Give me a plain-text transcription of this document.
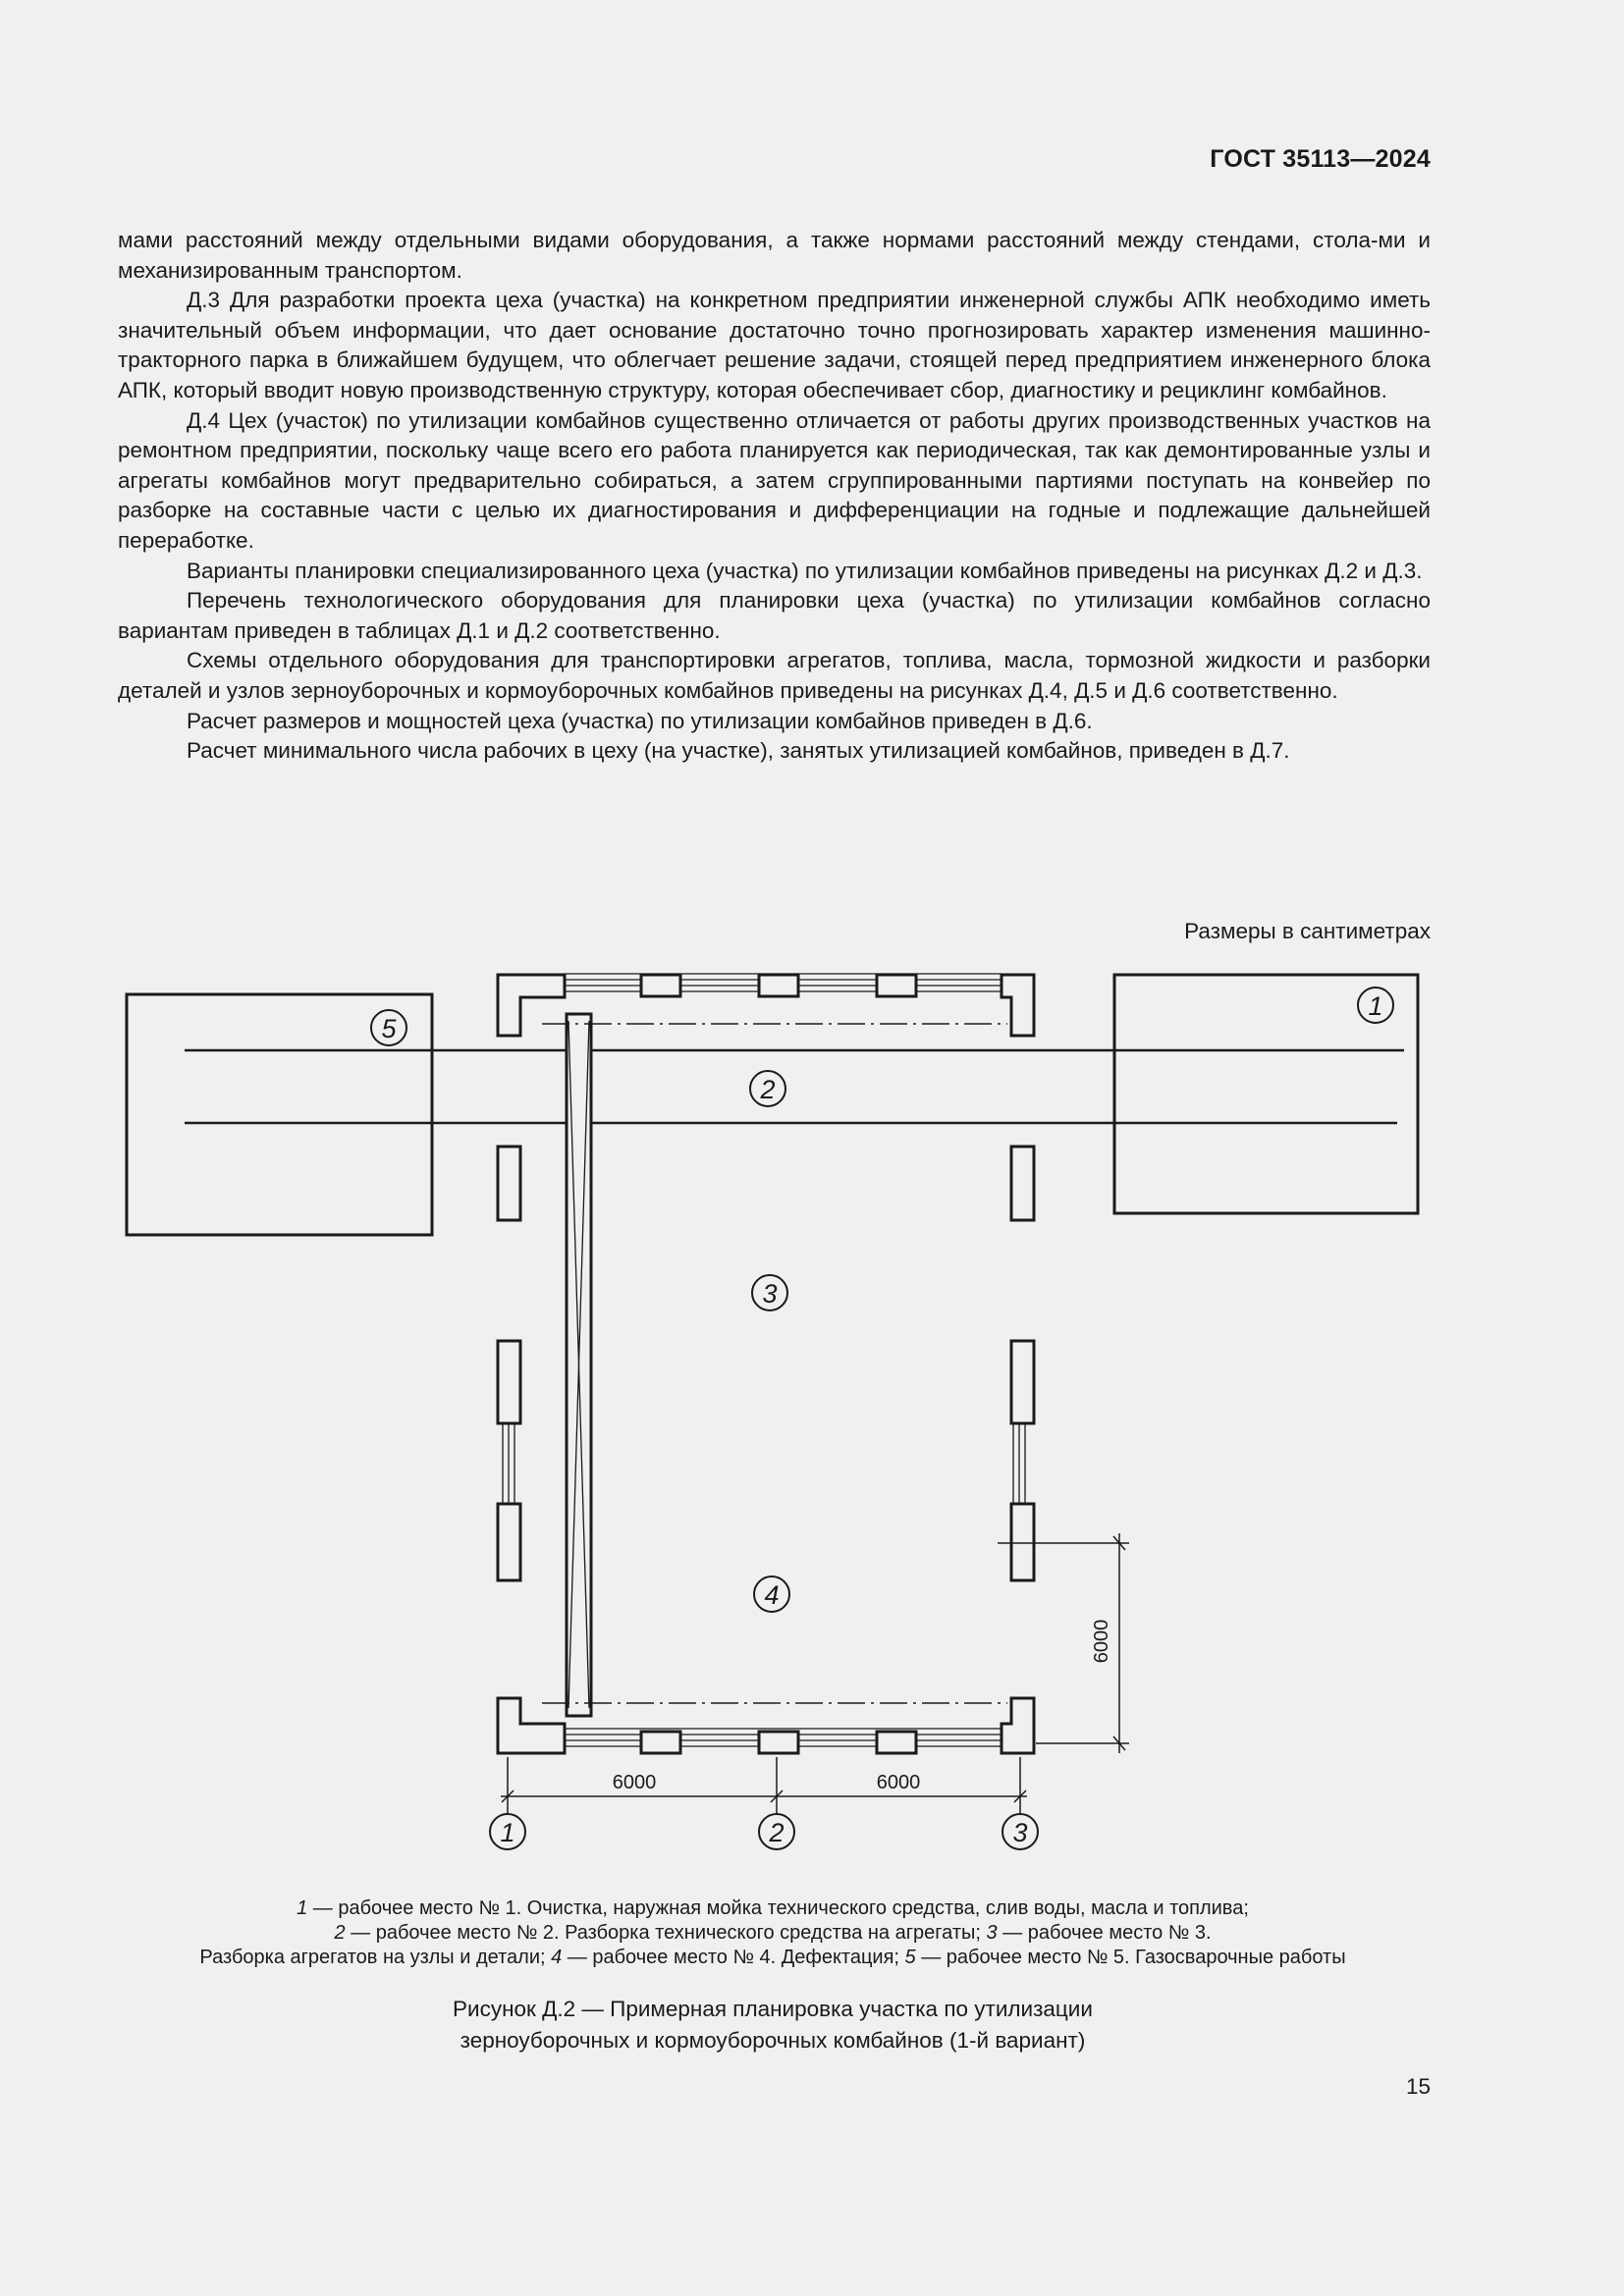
ГОСТ 35113—2024

мами расстояний между отдельными видами оборудования, а также нормами расстояний между стендами, стола-ми и механизированным транспортом.

Д.3 Для разработки проекта цеха (участка) на конкретном предприятии инженерной службы АПК необходимо иметь значительный объем информации, что дает основание достаточно точно прогнозировать характер изменения машинно-тракторного парка в ближайшем будущем, что облегчает решение задачи, стоящей перед предприятием инженерного блока АПК, который вводит новую производственную структуру, которая обеспечивает сбор, диагностику и рециклинг комбайнов.

Д.4 Цех (участок) по утилизации комбайнов существенно отличается от работы других производственных участков на ремонтном предприятии, поскольку чаще всего его работа планируется как периодическая, так как демонтированные узлы и агрегаты комбайнов могут предварительно собираться, а затем сгруппированными партиями поступать на конвейер по разборке на составные части с целью их диагностирования и дифференциации на годные и подлежащие дальнейшей переработке.

Варианты планировки специализированного цеха (участка) по утилизации комбайнов приведены на рисунках Д.2 и Д.3.

Перечень технологического оборудования для планировки цеха (участка) по утилизации комбайнов согласно вариантам приведен в таблицах Д.1 и Д.2 соответственно.

Схемы отдельного оборудования для транспортировки агрегатов, топлива, масла, тормозной жидкости и разборки деталей и узлов зерноуборочных и кормоуборочных комбайнов приведены на рисунках Д.4, Д.5 и Д.6 соответственно.

Расчет размеров и мощностей цеха (участка) по утилизации комбайнов приведен в Д.6.

Расчет минимального числа рабочих в цеху (на участке), занятых утилизацией комбайнов, приведен в Д.7.

Размеры в сантиметрах
1
5
2
3
4
1	2	3
6000	6000
6000

1 — рабочее место № 1. Очистка, наружная мойка технического средства, слив воды, масла и топлива;

2 — рабочее место № 2. Разборка технического средства на агрегаты; 3 — рабочее место № 3.

Разборка агрегатов на узлы и детали; 4 — рабочее место № 4. Дефектация; 5 — рабочее место № 5. Газосварочные работы

Рисунок Д.2 — Примерная планировка участка по утилизации

зерноуборочных и кормоуборочных комбайнов (1-й вариант)

15
